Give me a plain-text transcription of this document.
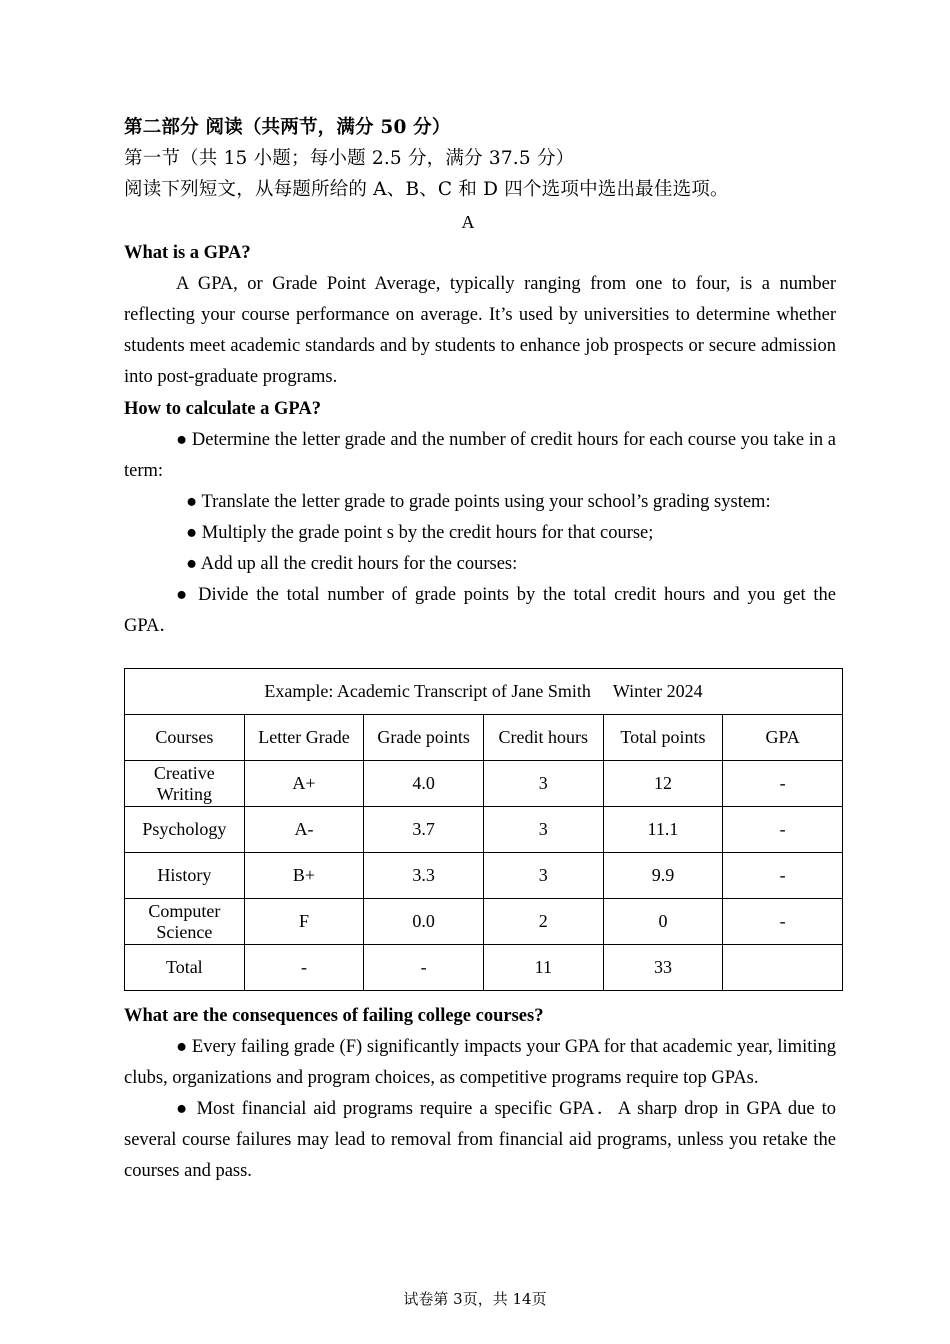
第二部分 阅读（共两节，满分 50 分）
第一节（共 15 小题；每小题 2.5 分，满分 37.5 分）
阅读下列短文，从每题所给的 A、B、C 和 D 四个选项中选出最佳选项。
A
What is a GPA?

A GPA, or Grade Point Average, typically ranging from one to four, is a number reflecting your course performance on average. It’s used by universities to determine whether students meet academic standards and by students to enhance job prospects or secure admission into post-graduate programs.

How to calculate a GPA?

● Determine the letter grade and the number of credit hours for each course you take in a term:

● Translate the letter grade to grade points using your school’s grading system:

● Multiply the grade point s by the credit hours for that course;

● Add up all the credit hours for the courses:

● Divide the total number of grade points by the total credit hours and you get the GPA．

Example: Academic Transcript of Jane Smith Winter 2024					
Courses	Letter Grade	Grade points	Credit hours	Total points	GPA
Creative Writing	A+	4.0	3	12	-
Psychology	A-	3.7	3	11.1	-
History	B+	3.3	3	9.9	-
Computer Science	F	0.0	2	0	-
Total	-	-	11	33	
What are the consequences of failing college courses?

● Every failing grade (F) significantly impacts your GPA for that academic year, limiting clubs, organizations and program choices, as competitive programs require top GPAs.

● Most financial aid programs require a specific GPA．A sharp drop in GPA due to several course failures may lead to removal from financial aid programs, unless you retake the courses and pass.

试卷第 3页，共 14页
